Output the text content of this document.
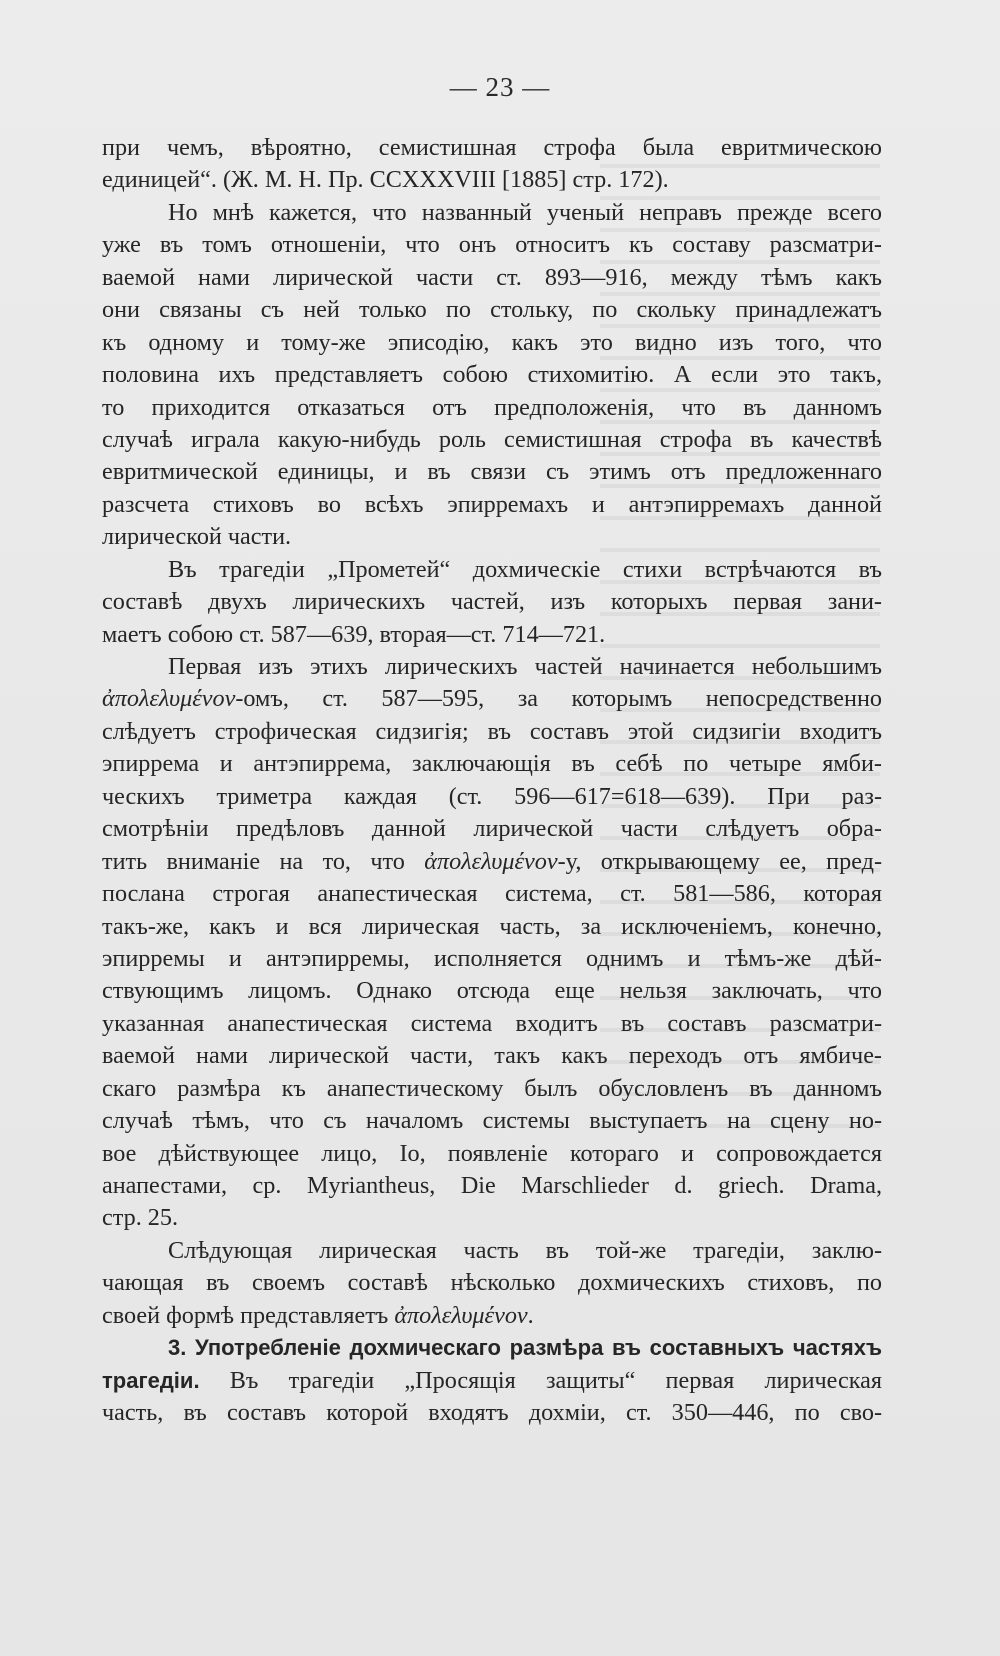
— 23 —
при чемъ, вѣроятно, семистишная строфа была евритмическою
единицей“. (Ж. М. Н. Пр. CCXXXVIII [1885] стр. 172).
Но мнѣ кажется, что названный ученый неправъ прежде всего
уже въ томъ отношеніи, что онъ относитъ къ составу разсматри-
ваемой нами лирической части ст. 893—916, между тѣмъ какъ
они связаны съ ней только по стольку, по скольку принадлежатъ
къ одному и тому-же эписодію, какъ это видно изъ того, что
половина ихъ представляетъ собою стихомитію. А если это такъ,
то приходится отказаться отъ предположенія, что въ данномъ
случаѣ играла какую-нибудь роль семистишная строфа въ качествѣ
евритмической единицы, и въ связи съ этимъ отъ предложеннаго
разсчета стиховъ во всѣхъ эпирремахъ и антэпирремахъ данной
лирической части.
Въ трагедіи „Прометей“ дохмическіе стихи встрѣчаются въ
составѣ двухъ лирическихъ частей, изъ которыхъ первая зани-
маетъ собою ст. 587—639, вторая—ст. 714—721.
Первая изъ этихъ лирическихъ частей начинается небольшимъ
ἀπολελυμένον-омъ, ст. 587—595, за которымъ непосредственно
слѣдуетъ строфическая сидзигія; въ составъ этой сидзигіи входитъ
эпиррема и антэпиррема, заключающія въ себѣ по четыре ямби-
ческихъ триметра каждая (ст. 596—617=618—639). При раз-
смотрѣніи предѣловъ данной лирической части слѣдуетъ обра-
тить вниманіе на то, что ἀπολελυμένον-у, открывающему ее, пред-
послана строгая анапестическая система, ст. 581—586, которая
такъ-же, какъ и вся лирическая часть, за исключеніемъ, конечно,
эпирремы и антэпирремы, исполняется однимъ и тѣмъ-же дѣй-
ствующимъ лицомъ. Однако отсюда еще нельзя заключать, что
указанная анапестическая система входитъ въ составъ разсматри-
ваемой нами лирической части, такъ какъ переходъ отъ ямбиче-
скаго размѣра къ анапестическому былъ обусловленъ въ данномъ
случаѣ тѣмъ, что съ началомъ системы выступаетъ на сцену но-
вое дѣйствующее лицо, Іо, появленіе котораго и сопровождается
анапестами, ср. Myriantheus, Die Marschlieder d. griech. Drama,
стр. 25.
Слѣдующая лирическая часть въ той-же трагедіи, заклю-
чающая въ своемъ составѣ нѣсколько дохмическихъ стиховъ, по
своей формѣ представляетъ ἀπολελυμένον.
3. Употребленіе дохмическаго размѣра въ составныхъ частяхъ
трагедіи. Въ трагедіи „Просящія защиты“ первая лирическая
часть, въ составъ которой входятъ дохміи, ст. 350—446, по сво-
